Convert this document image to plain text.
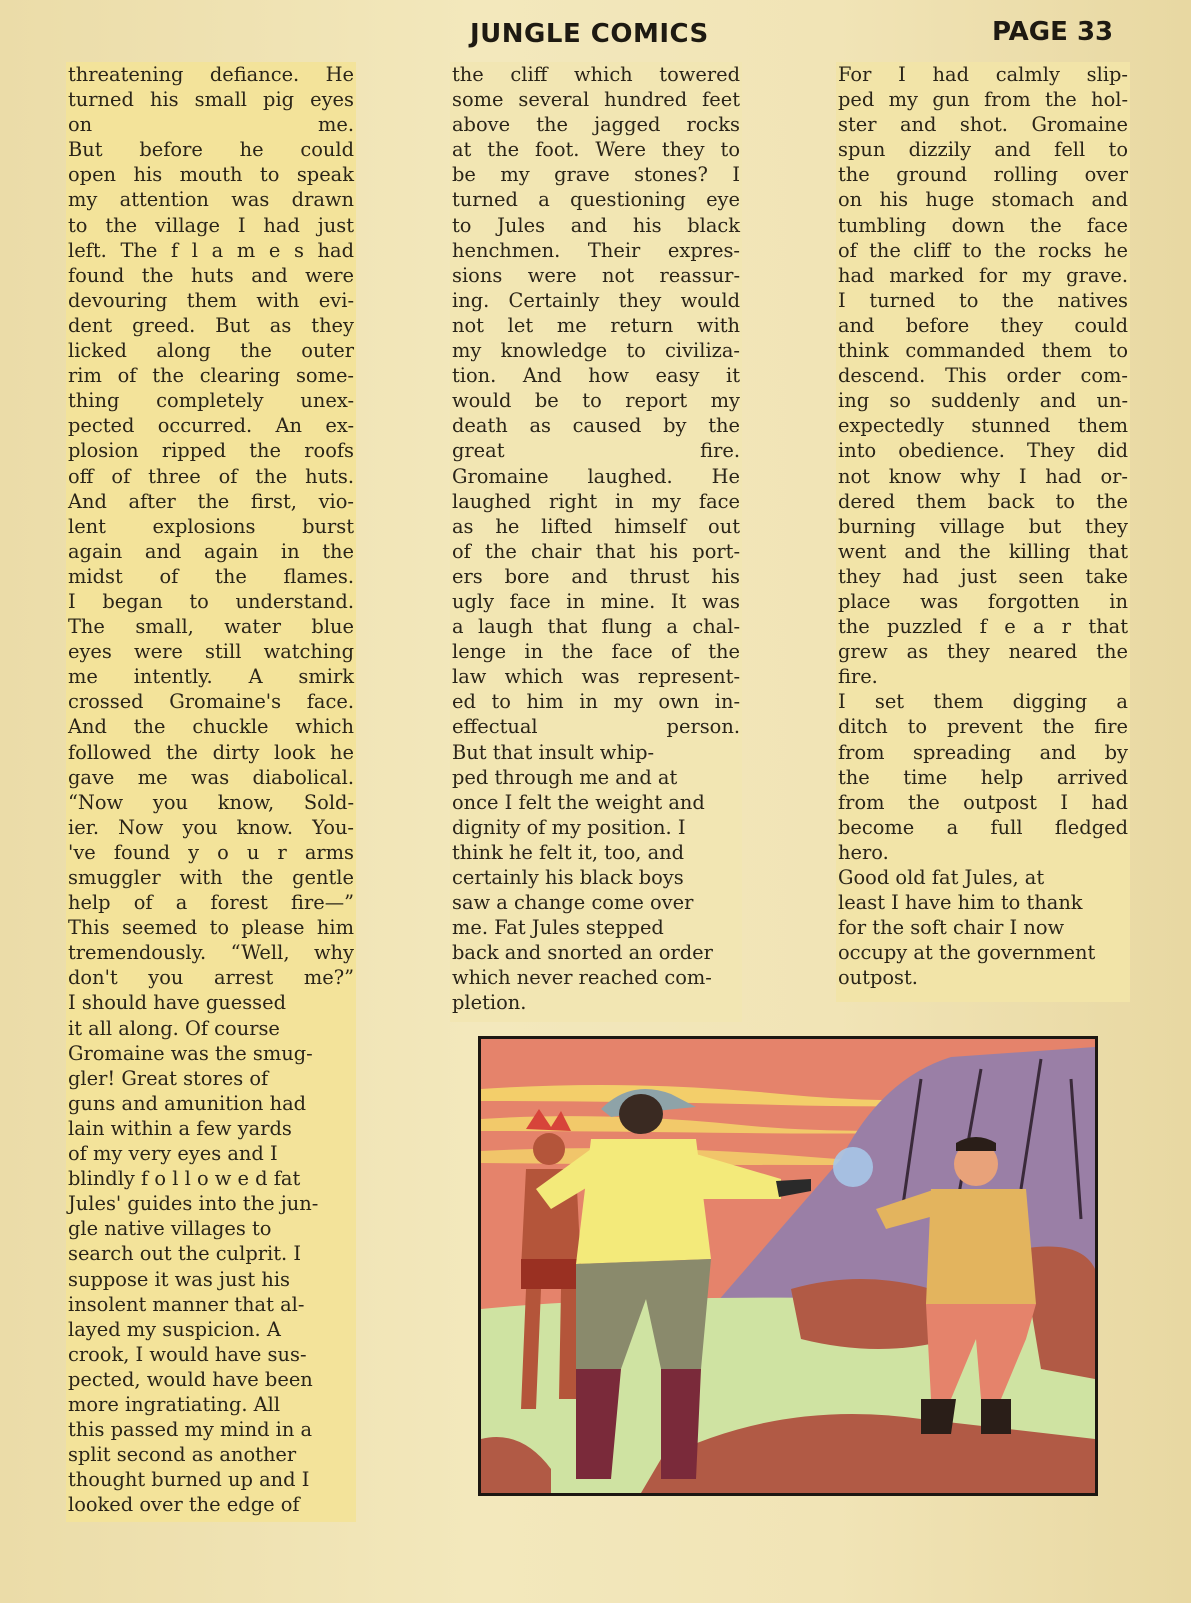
JUNGLE COMICS	PAGE 33

threatening defiance. He
turned his small pig eyes
on me.

But before he could
open his mouth to speak
my attention was drawn
to the village I had just
left. The f l a m e s had
found the huts and were
devouring them with evi-
dent greed. But as they
licked along the outer
rim of the clearing some-
thing completely unex-
pected occurred. An ex-
plosion ripped the roofs
off of three of the huts.
And after the first, vio-
lent explosions burst
again and again in the
midst of the flames.

I began to understand.
The small, water blue
eyes were still watching
me intently. A smirk
crossed Gromaine's face.
And the chuckle which
followed the dirty look he
gave me was diabolical.

“Now you know, Sold-
ier. Now you know. You-
've found y o u r arms
smuggler with the gentle
help of a forest fire—”
This seemed to please him
tremendously. “Well, why
don't you arrest me?”

I should have guessed
it all along. Of course
Gromaine was the smug-
gler! Great stores of
guns and amunition had
lain within a few yards
of my very eyes and I
blindly f o l l o w e d fat
Jules' guides into the jun-
gle native villages to
search out the culprit. I
suppose it was just his
insolent manner that al-
layed my suspicion. A
crook, I would have sus-
pected, would have been
more ingratiating. All
this passed my mind in a
split second as another
thought burned up and I
looked over the edge of

the cliff which towered
some several hundred feet
above the jagged rocks
at the foot. Were they to
be my grave stones? I
turned a questioning eye
to Jules and his black
henchmen. Their expres-
sions were not reassur-
ing. Certainly they would
not let me return with
my knowledge to civiliza-
tion. And how easy it
would be to report my
death as caused by the
great fire.

Gromaine laughed. He
laughed right in my face
as he lifted himself out
of the chair that his port-
ers bore and thrust his
ugly face in mine. It was
a laugh that flung a chal-
lenge in the face of the
law which was represent-
ed to him in my own in-
effectual person.

But that insult whip-
ped through me and at
once I felt the weight and
dignity of my position. I
think he felt it, too, and
certainly his black boys
saw a change come over
me. Fat Jules stepped
back and snorted an order
which never reached com-
pletion.

For I had calmly slip-
ped my gun from the hol-
ster and shot. Gromaine
spun dizzily and fell to
the ground rolling over
on his huge stomach and
tumbling down the face
of the cliff to the rocks he
had marked for my grave.

I turned to the natives
and before they could
think commanded them to
descend. This order com-
ing so suddenly and un-
expectedly stunned them
into obedience. They did
not know why I had or-
dered them back to the
burning village but they
went and the killing that
they had just seen take
place was forgotten in
the puzzled f e a r that
grew as they neared the
fire.

I set them digging a
ditch to prevent the fire
from spreading and by
the time help arrived
from the outpost I had
become a full fledged
hero.

Good old fat Jules, at
least I have him to thank
for the soft chair I now
occupy at the government
outpost.
